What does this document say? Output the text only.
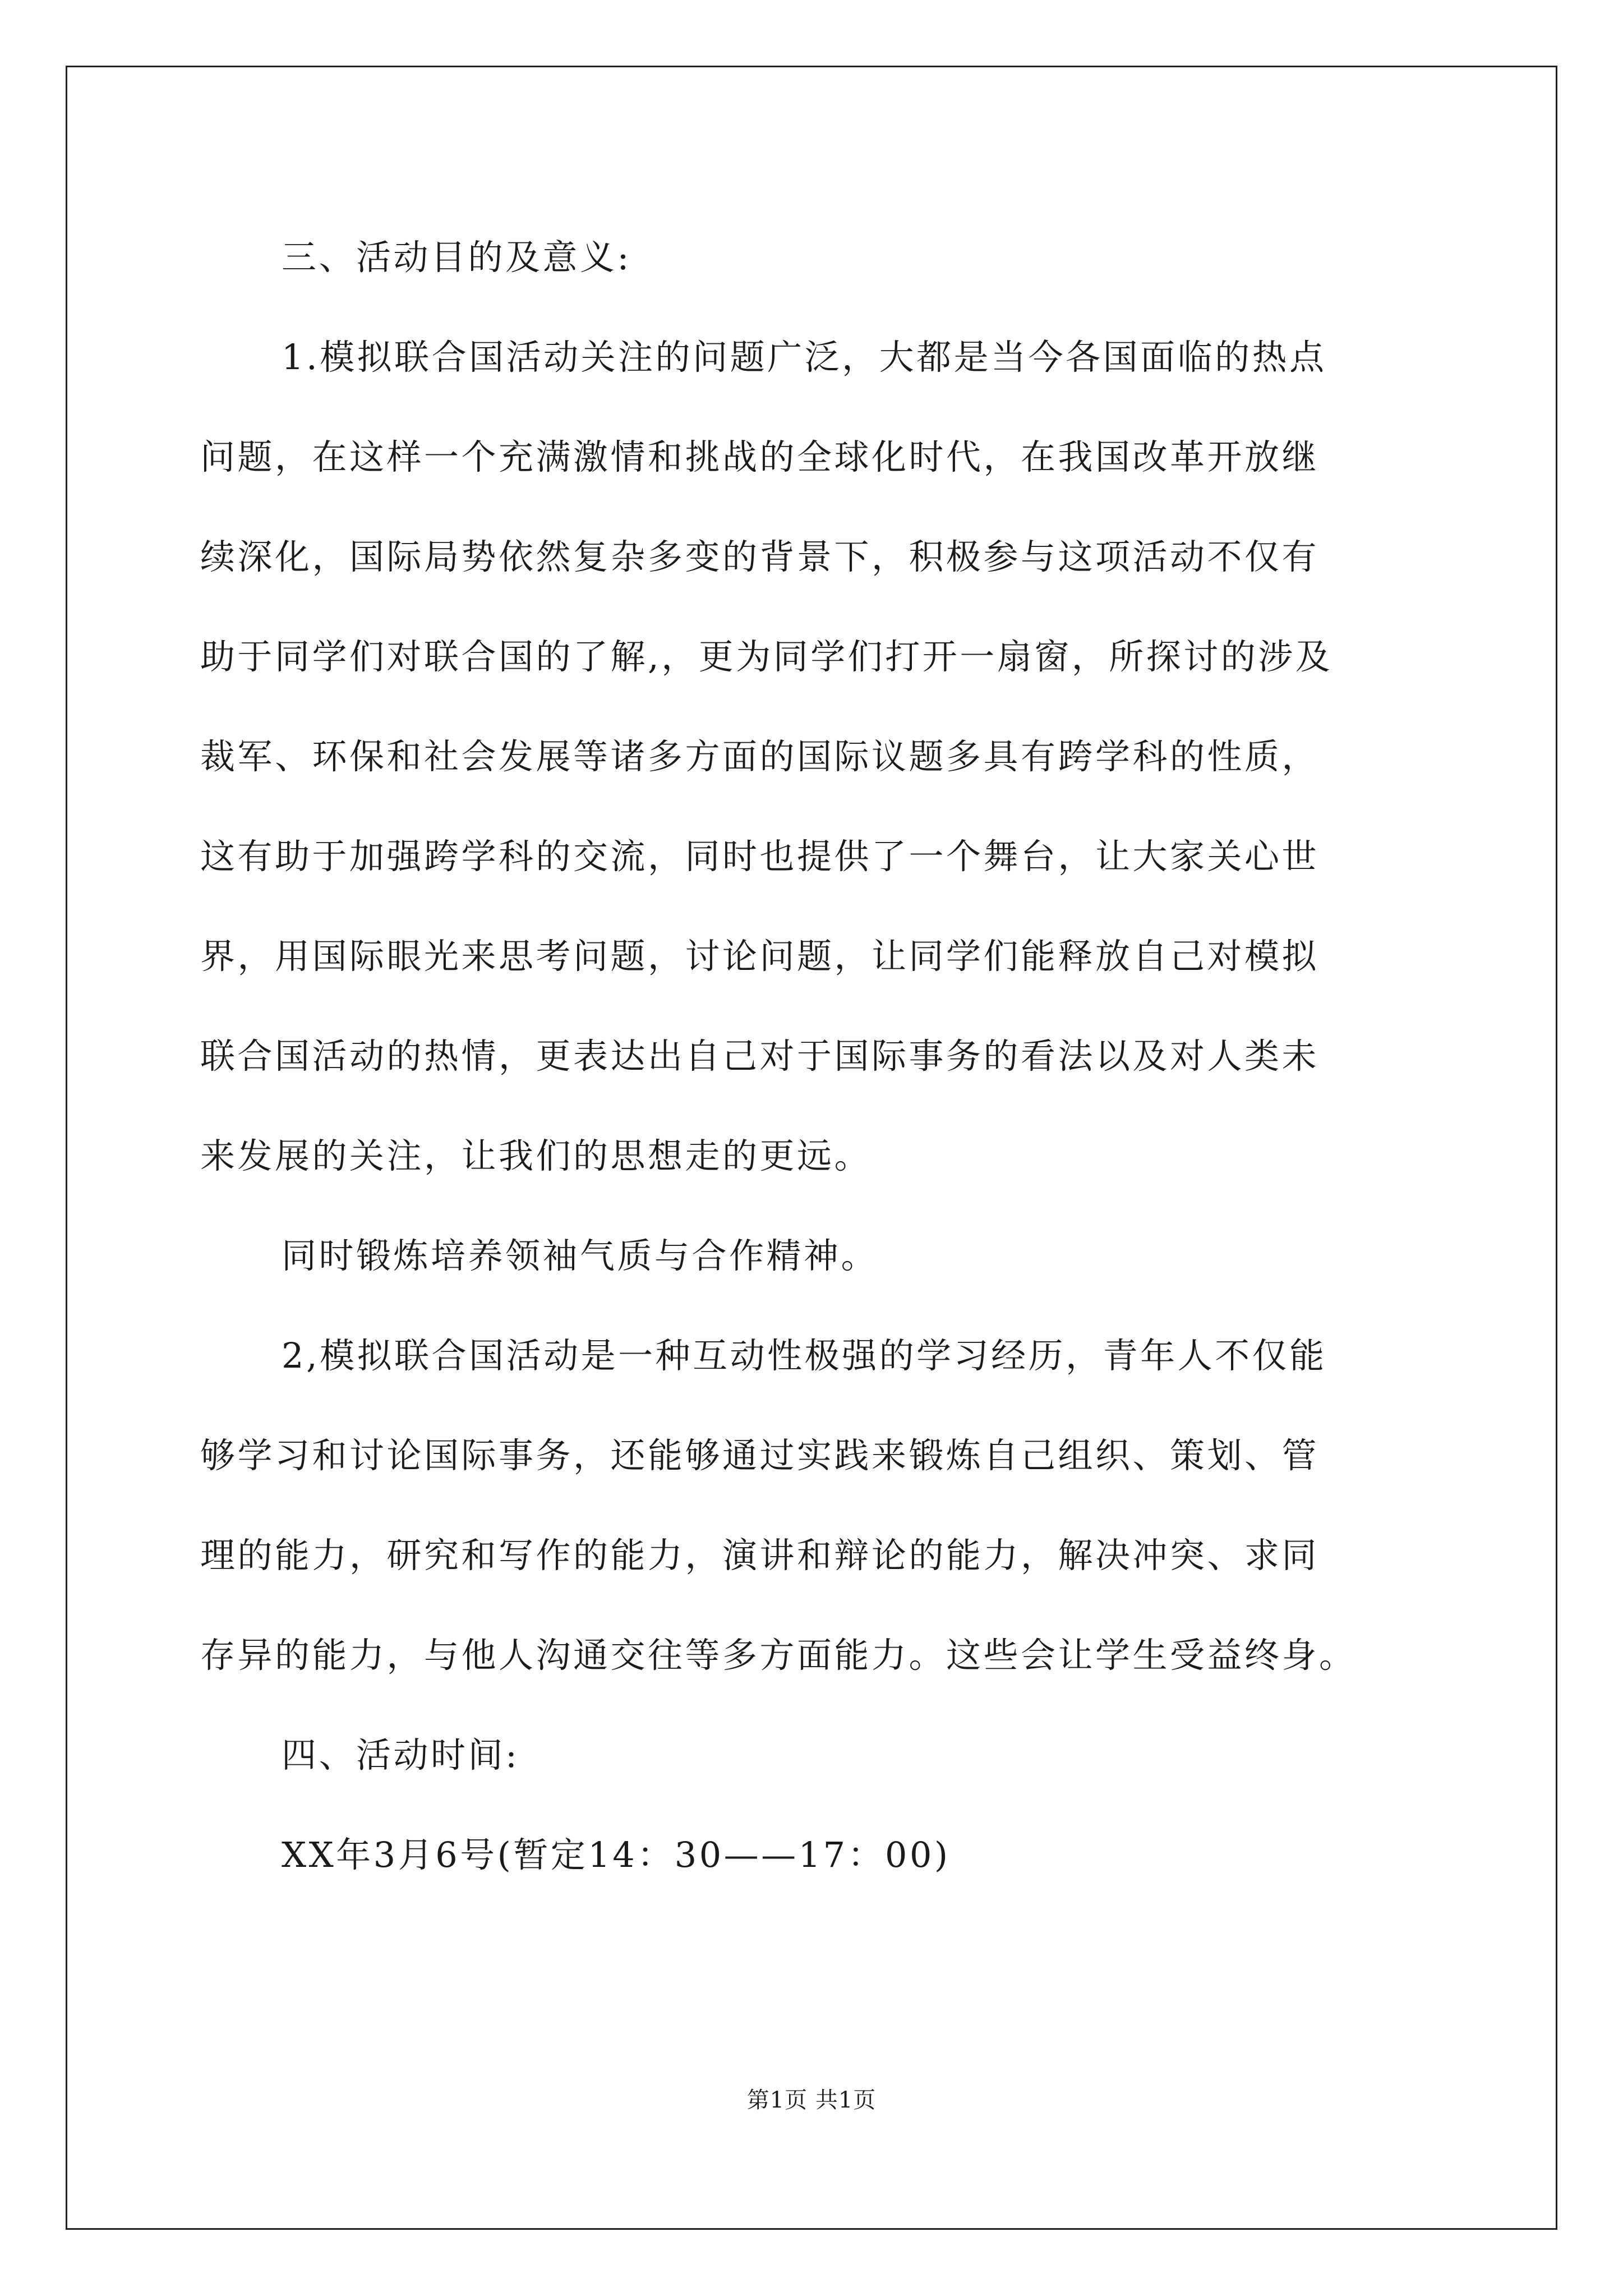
三、活动目的及意义:

1.模拟联合国活动关注的问题广泛，大都是当今各国面临的热点
问题，在这样一个充满激情和挑战的全球化时代，在我国改革开放继
续深化，国际局势依然复杂多变的背景下，积极参与这项活动不仅有
助于同学们对联合国的了解,，更为同学们打开一扇窗，所探讨的涉及
裁军、环保和社会发展等诸多方面的国际议题多具有跨学科的性质，
这有助于加强跨学科的交流，同时也提供了一个舞台，让大家关心世
界，用国际眼光来思考问题，讨论问题，让同学们能释放自己对模拟
联合国活动的热情，更表达出自己对于国际事务的看法以及对人类未
来发展的关注，让我们的思想走的更远。

同时锻炼培养领袖气质与合作精神。

2,模拟联合国活动是一种互动性极强的学习经历，青年人不仅能
够学习和讨论国际事务，还能够通过实践来锻炼自己组织、策划、管
理的能力，研究和写作的能力，演讲和辩论的能力，解决冲突、求同
存异的能力，与他人沟通交往等多方面能力。这些会让学生受益终身。

四、活动时间:

XX年3月6号(暂定14：30——17：00)

第1页 共1页
